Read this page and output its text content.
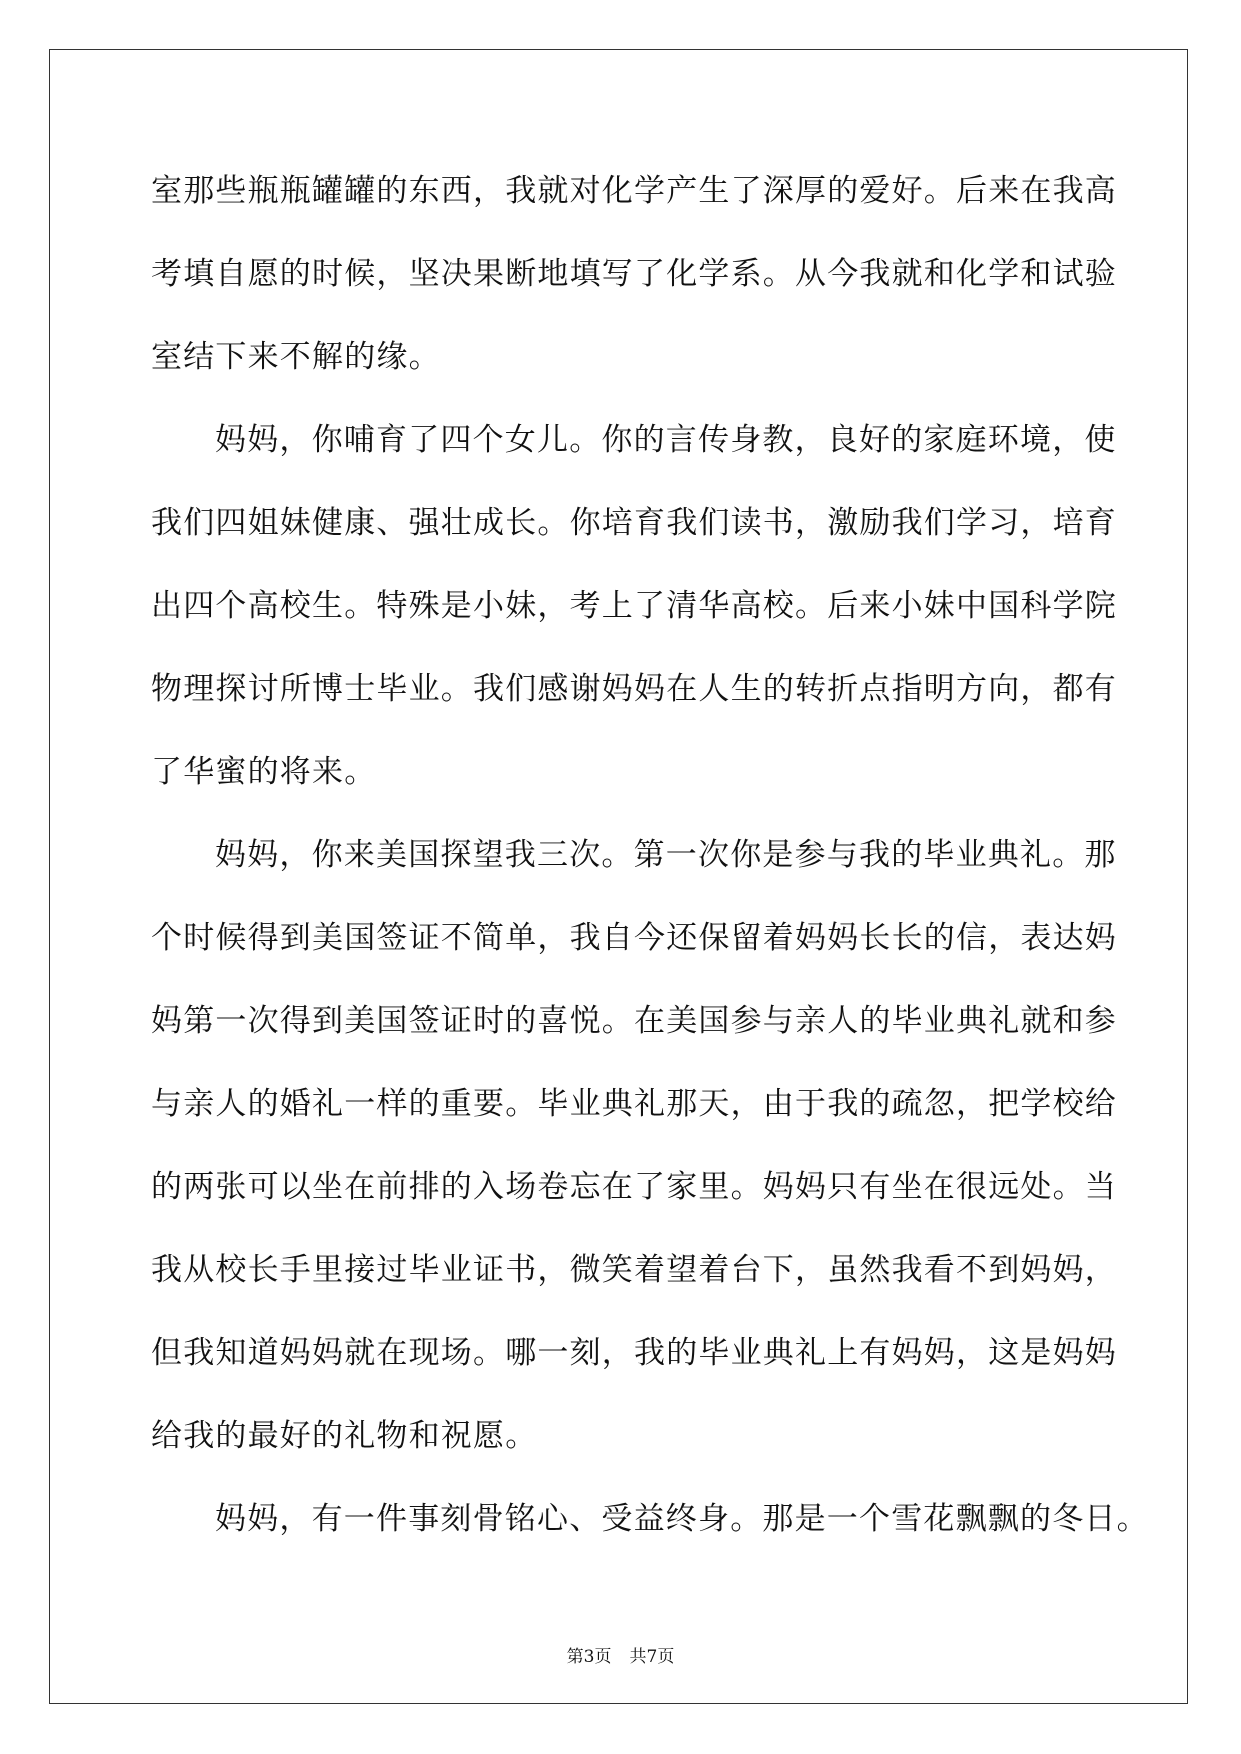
室那些瓶瓶罐罐的东西，我就对化学产生了深厚的爱好。后来在我高
考填自愿的时候，坚决果断地填写了化学系。从今我就和化学和试验
室结下来不解的缘。
妈妈，你哺育了四个女儿。你的言传身教，良好的家庭环境，使
我们四姐妹健康、强壮成长。你培育我们读书，激励我们学习，培育
出四个高校生。特殊是小妹，考上了清华高校。后来小妹中国科学院
物理探讨所博士毕业。我们感谢妈妈在人生的转折点指明方向，都有
了华蜜的将来。
妈妈，你来美国探望我三次。第一次你是参与我的毕业典礼。那
个时候得到美国签证不简单，我自今还保留着妈妈长长的信，表达妈
妈第一次得到美国签证时的喜悦。在美国参与亲人的毕业典礼就和参
与亲人的婚礼一样的重要。毕业典礼那天，由于我的疏忽，把学校给
的两张可以坐在前排的入场卷忘在了家里。妈妈只有坐在很远处。当
我从校长手里接过毕业证书，微笑着望着台下，虽然我看不到妈妈，
但我知道妈妈就在现场。哪一刻，我的毕业典礼上有妈妈，这是妈妈
给我的最好的礼物和祝愿。
妈妈，有一件事刻骨铭心、受益终身。那是一个雪花飘飘的冬日。
第3页 共7页
